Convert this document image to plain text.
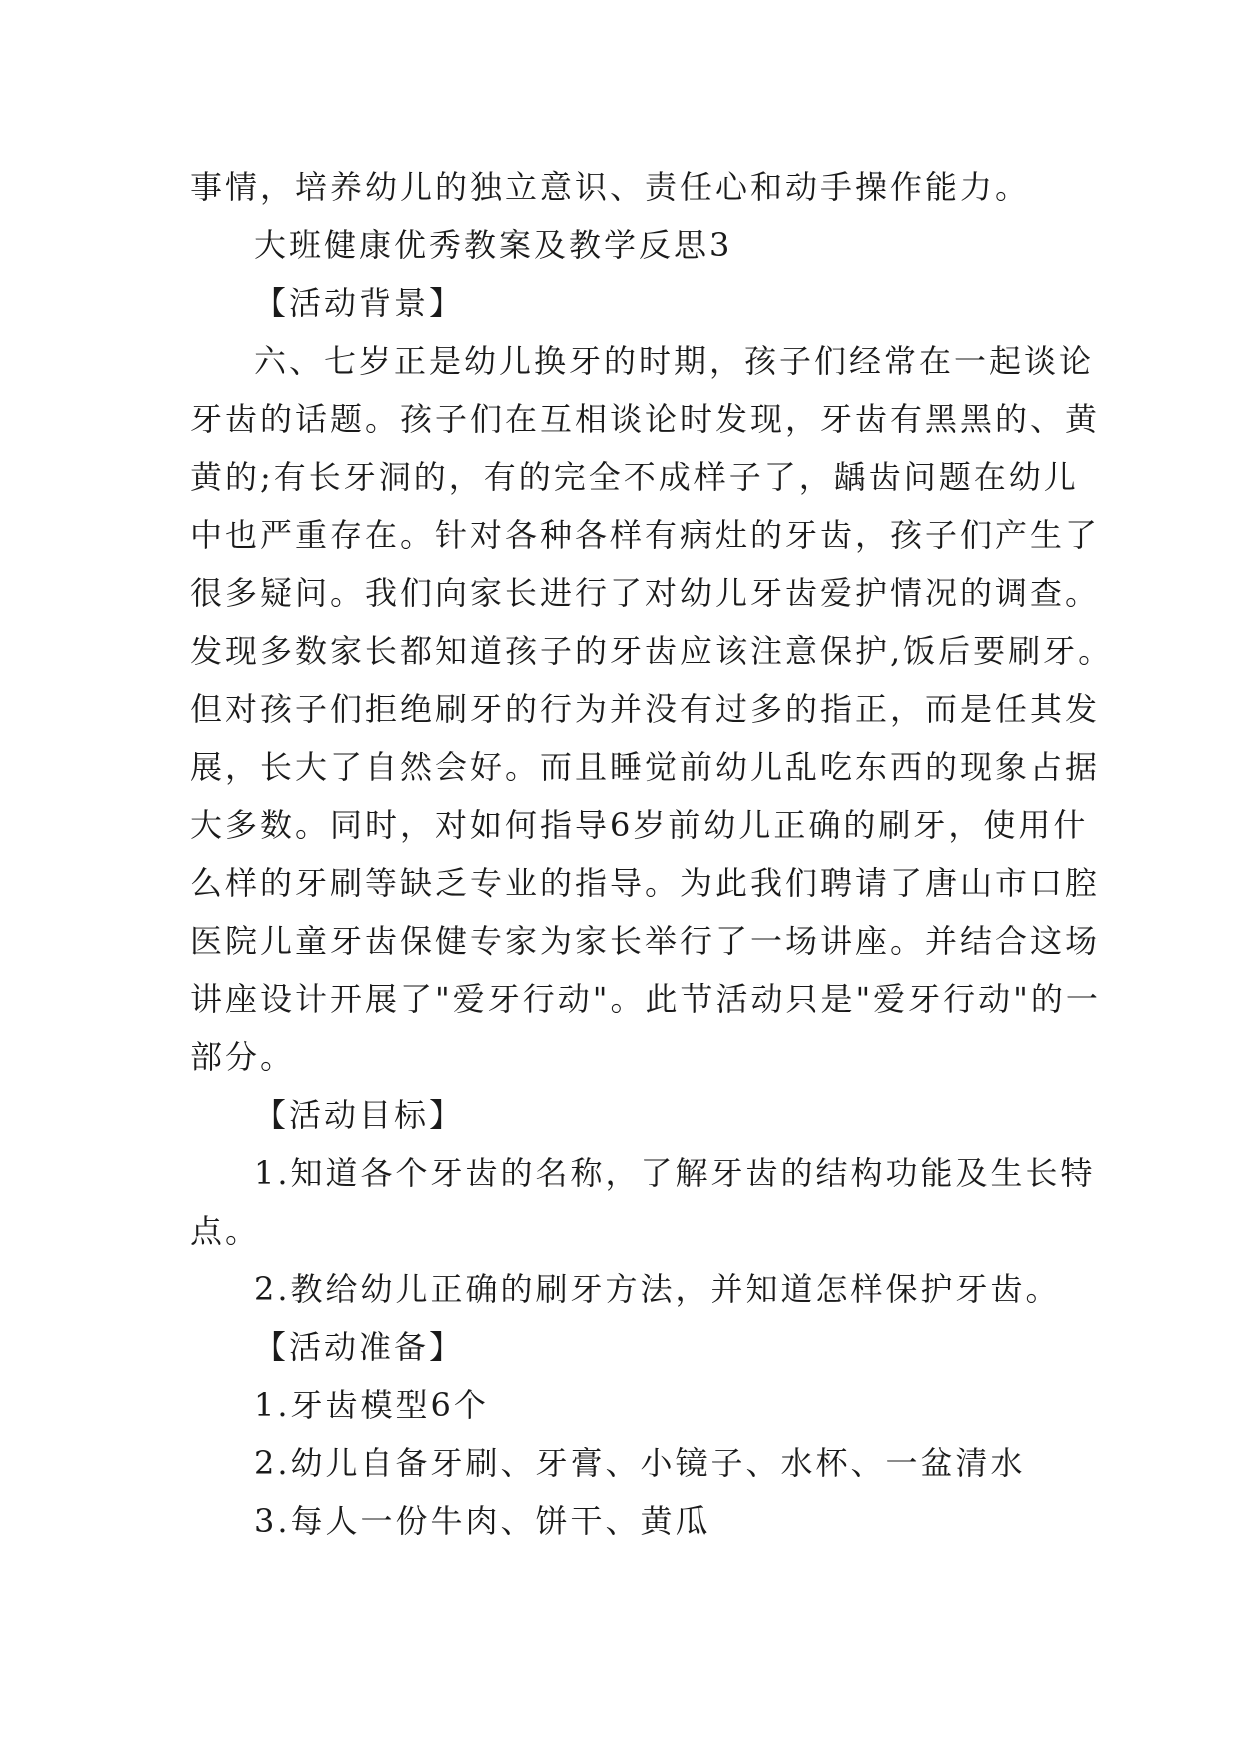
事情，培养幼儿的独立意识、责任心和动手操作能力。
大班健康优秀教案及教学反思3
【活动背景】
六、七岁正是幼儿换牙的时期，孩子们经常在一起谈论
牙齿的话题。孩子们在互相谈论时发现，牙齿有黑黑的、黄
黄的;有长牙洞的，有的完全不成样子了，龋齿问题在幼儿
中也严重存在。针对各种各样有病灶的牙齿，孩子们产生了
很多疑问。我们向家长进行了对幼儿牙齿爱护情况的调查。
发现多数家长都知道孩子的牙齿应该注意保护,饭后要刷牙。
但对孩子们拒绝刷牙的行为并没有过多的指正，而是任其发
展，长大了自然会好。而且睡觉前幼儿乱吃东西的现象占据
大多数。同时，对如何指导6岁前幼儿正确的刷牙，使用什
么样的牙刷等缺乏专业的指导。为此我们聘请了唐山市口腔
医院儿童牙齿保健专家为家长举行了一场讲座。并结合这场
讲座设计开展了"爱牙行动"。此节活动只是"爱牙行动"的一
部分。
【活动目标】
1.知道各个牙齿的名称，了解牙齿的结构功能及生长特
点。
2.教给幼儿正确的刷牙方法，并知道怎样保护牙齿。
【活动准备】
1.牙齿模型6个
2.幼儿自备牙刷、牙膏、小镜子、水杯、一盆清水
3.每人一份牛肉、饼干、黄瓜
